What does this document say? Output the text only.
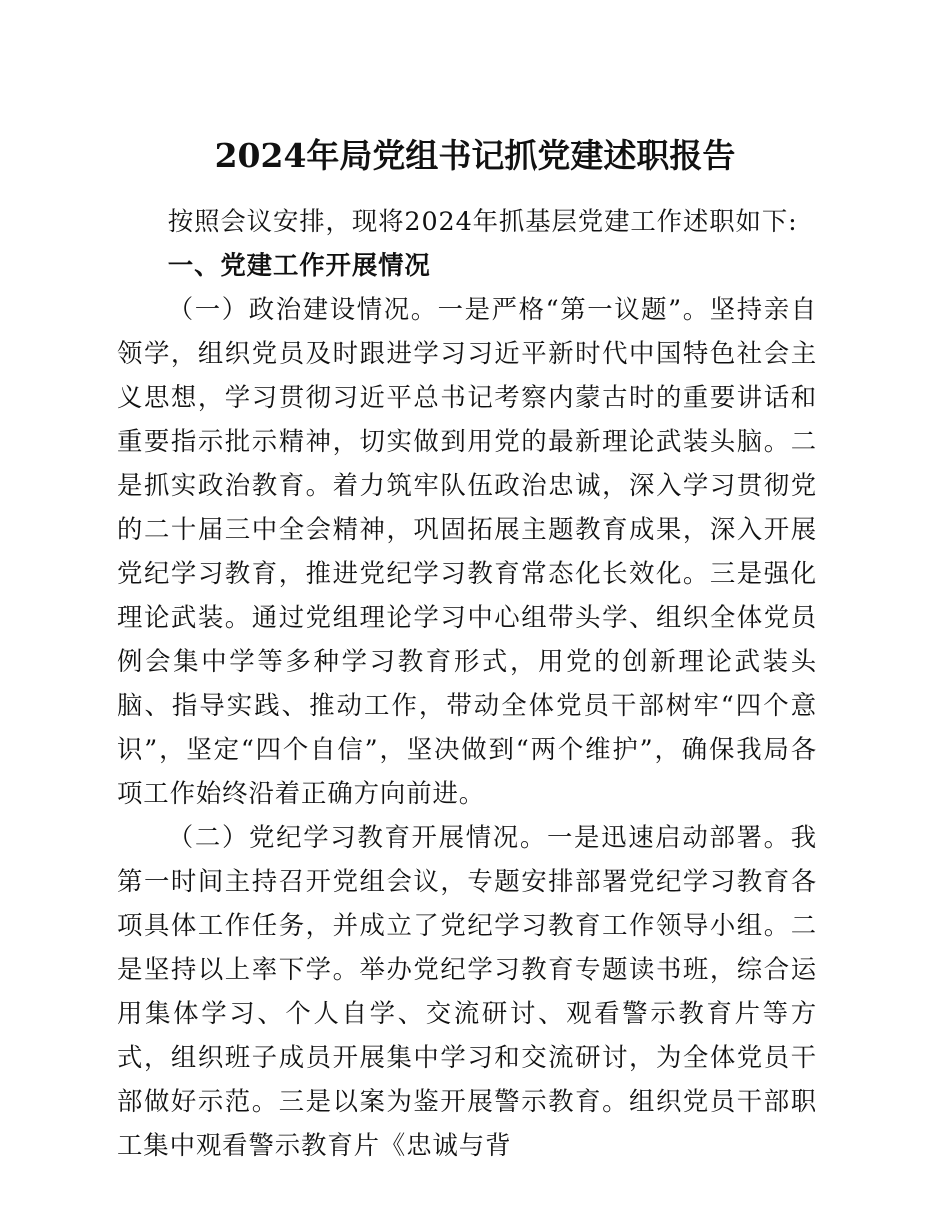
2024年局党组书记抓党建述职报告

按照会议安排，现将2024年抓基层党建工作述职如下:

一、党建工作开展情况

（一）政治建设情况。一是严格“第一议题”。坚持亲自领学，组织党员及时跟进学习习近平新时代中国特色社会主义思想，学习贯彻习近平总书记考察内蒙古时的重要讲话和重要指示批示精神，切实做到用党的最新理论武装头脑。二是抓实政治教育。着力筑牢队伍政治忠诚，深入学习贯彻党的二十届三中全会精神，巩固拓展主题教育成果，深入开展党纪学习教育，推进党纪学习教育常态化长效化。三是强化理论武装。通过党组理论学习中心组带头学、组织全体党员例会集中学等多种学习教育形式，用党的创新理论武装头脑、指导实践、推动工作，带动全体党员干部树牢“四个意识”，坚定“四个自信”，坚决做到“两个维护”，确保我局各项工作始终沿着正确方向前进。

（二）党纪学习教育开展情况。一是迅速启动部署。我第一时间主持召开党组会议，专题安排部署党纪学习教育各项具体工作任务，并成立了党纪学习教育工作领导小组。二是坚持以上率下学。举办党纪学习教育专题读书班，综合运用集体学习、个人自学、交流研讨、观看警示教育片等方式，组织班子成员开展集中学习和交流研讨，为全体党员干部做好示范。三是以案为鉴开展警示教育。组织党员干部职工集中观看警示教育片《忠诚与背
